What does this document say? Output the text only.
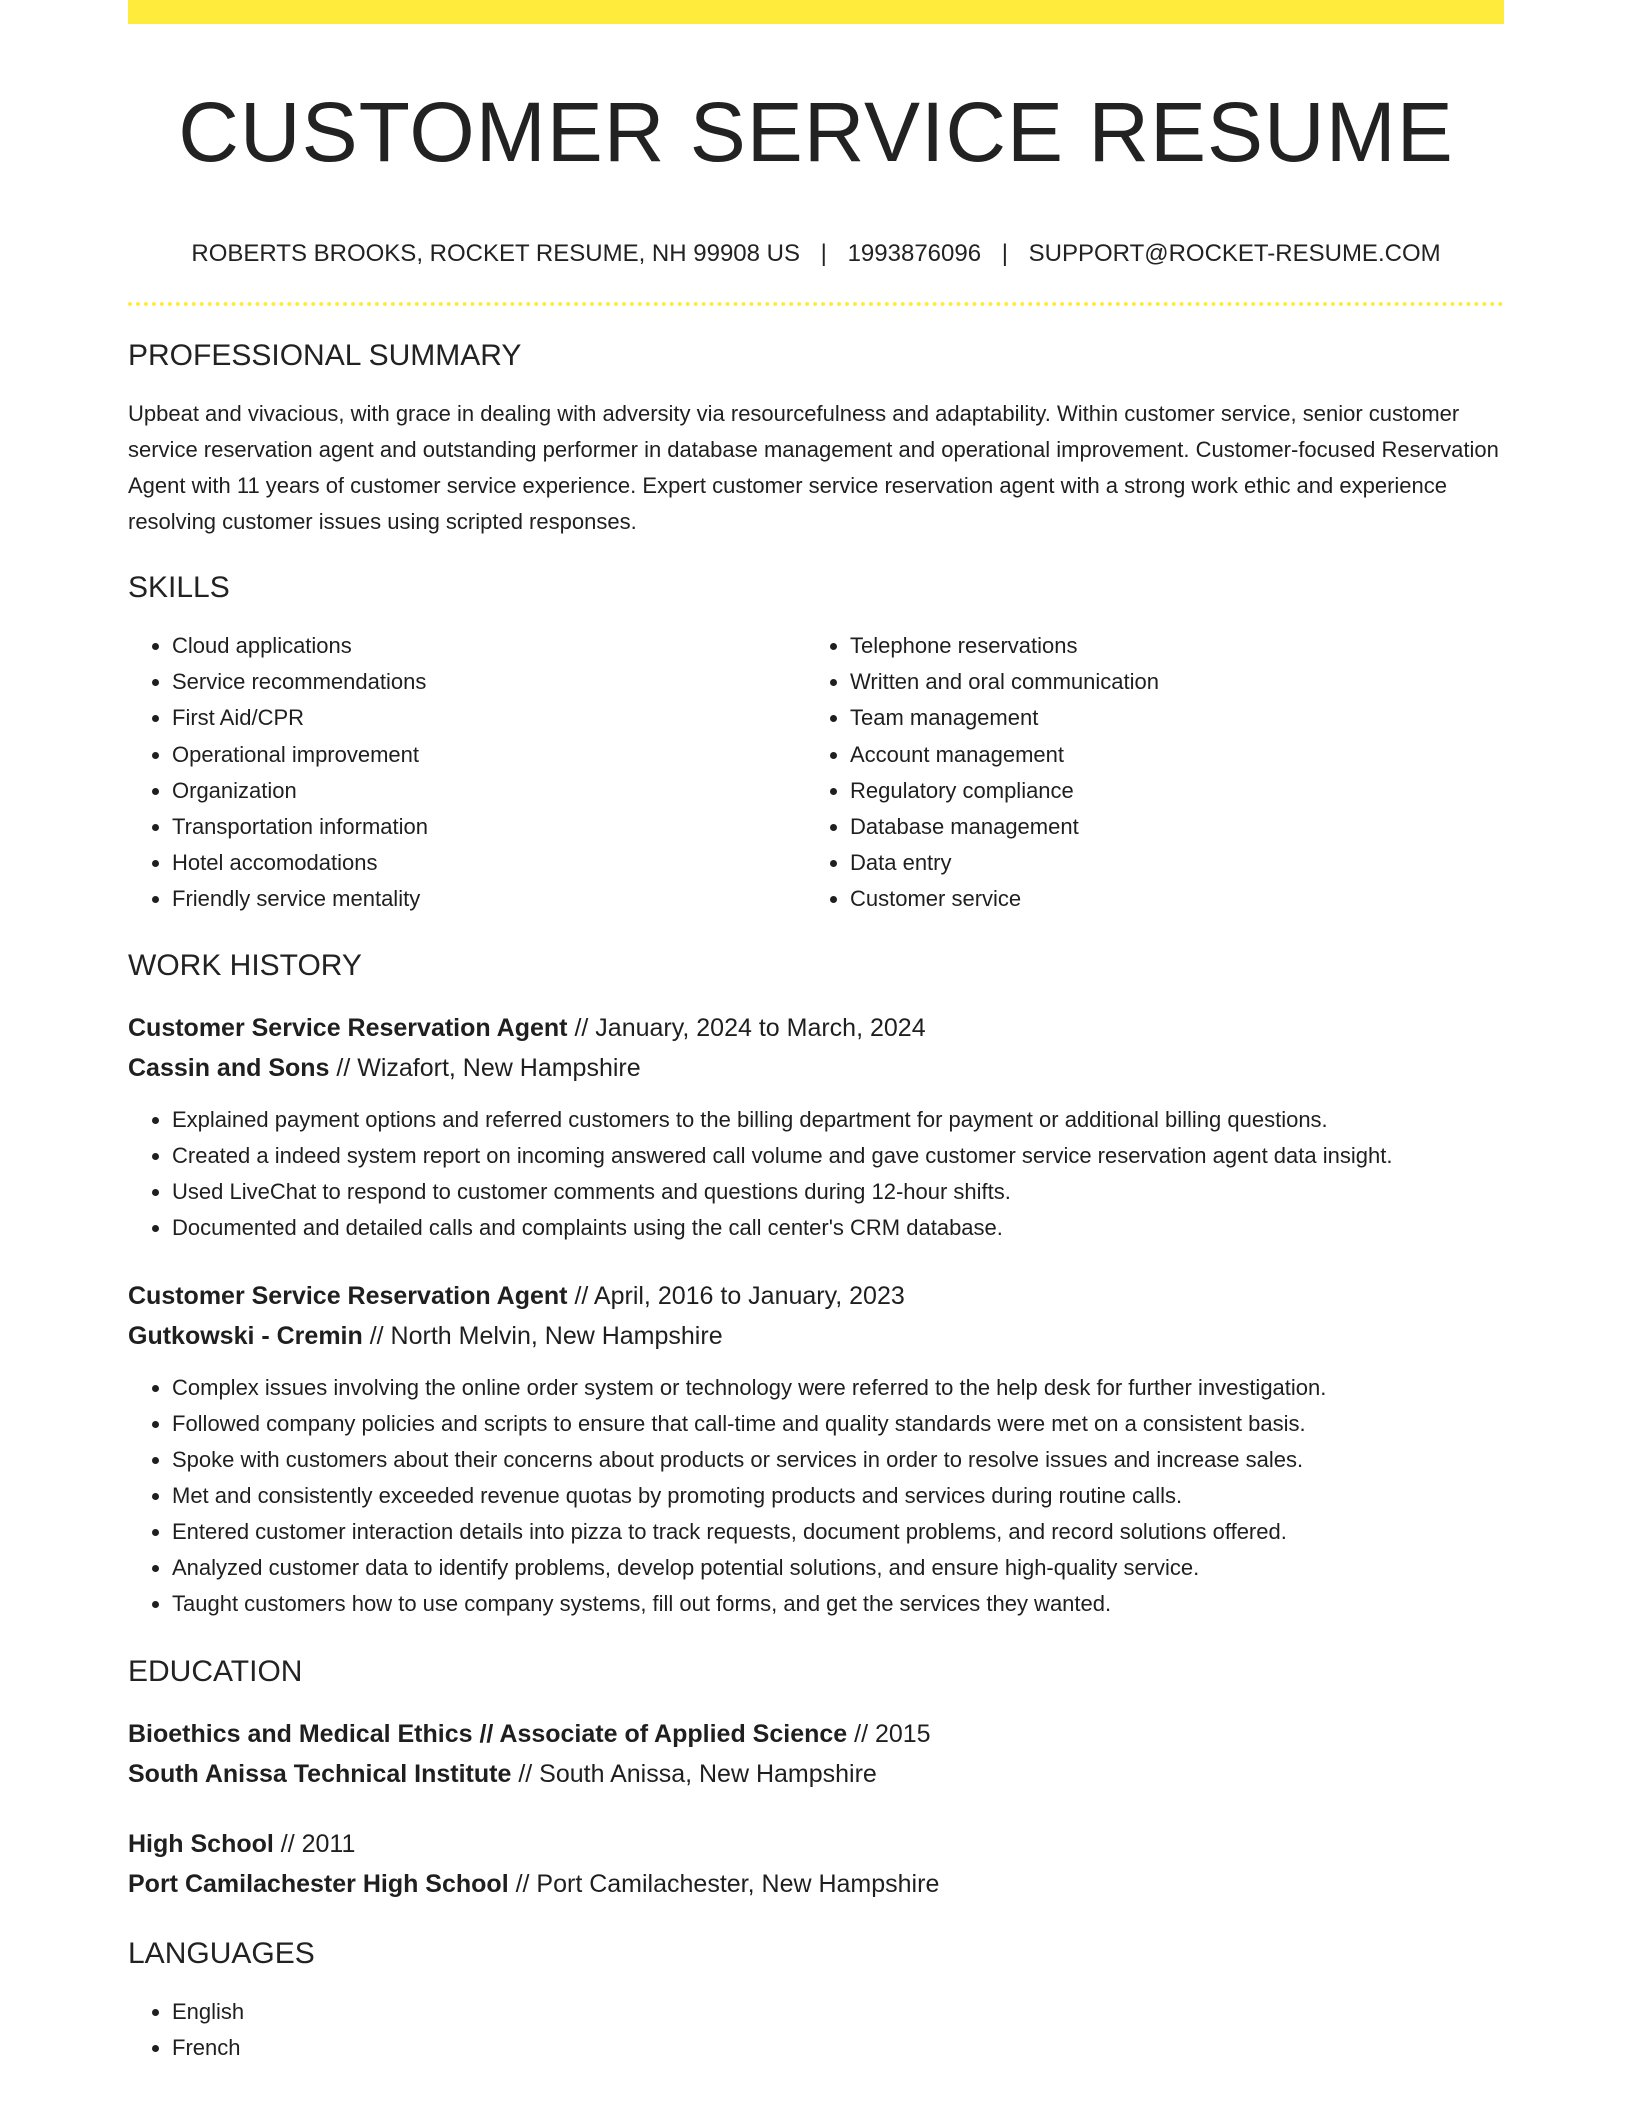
CUSTOMER SERVICE RESUME
ROBERTS BROOKS, ROCKET RESUME, NH 99908 US | 1993876096 | SUPPORT@ROCKET-RESUME.COM
PROFESSIONAL SUMMARY
Upbeat and vivacious, with grace in dealing with adversity via resourcefulness and adaptability. Within customer service, senior customer service reservation agent and outstanding performer in database management and operational improvement. Customer-focused Reservation Agent with 11 years of customer service experience. Expert customer service reservation agent with a strong work ethic and experience resolving customer issues using scripted responses.
SKILLS
• Cloud applications
• Service recommendations
• First Aid/CPR
• Operational improvement
• Organization
• Transportation information
• Hotel accomodations
• Friendly service mentality
• Telephone reservations
• Written and oral communication
• Team management
• Account management
• Regulatory compliance
• Database management
• Data entry
• Customer service
WORK HISTORY
Customer Service Reservation Agent // January, 2024 to March, 2024
Cassin and Sons // Wizafort, New Hampshire
• Explained payment options and referred customers to the billing department for payment or additional billing questions.
• Created a indeed system report on incoming answered call volume and gave customer service reservation agent data insight.
• Used LiveChat to respond to customer comments and questions during 12-hour shifts.
• Documented and detailed calls and complaints using the call center's CRM database.
Customer Service Reservation Agent // April, 2016 to January, 2023
Gutkowski - Cremin // North Melvin, New Hampshire
• Complex issues involving the online order system or technology were referred to the help desk for further investigation.
• Followed company policies and scripts to ensure that call-time and quality standards were met on a consistent basis.
• Spoke with customers about their concerns about products or services in order to resolve issues and increase sales.
• Met and consistently exceeded revenue quotas by promoting products and services during routine calls.
• Entered customer interaction details into pizza to track requests, document problems, and record solutions offered.
• Analyzed customer data to identify problems, develop potential solutions, and ensure high-quality service.
• Taught customers how to use company systems, fill out forms, and get the services they wanted.
EDUCATION
Bioethics and Medical Ethics // Associate of Applied Science // 2015
South Anissa Technical Institute // South Anissa, New Hampshire
High School // 2011
Port Camilachester High School // Port Camilachester, New Hampshire
LANGUAGES
• English
• French
